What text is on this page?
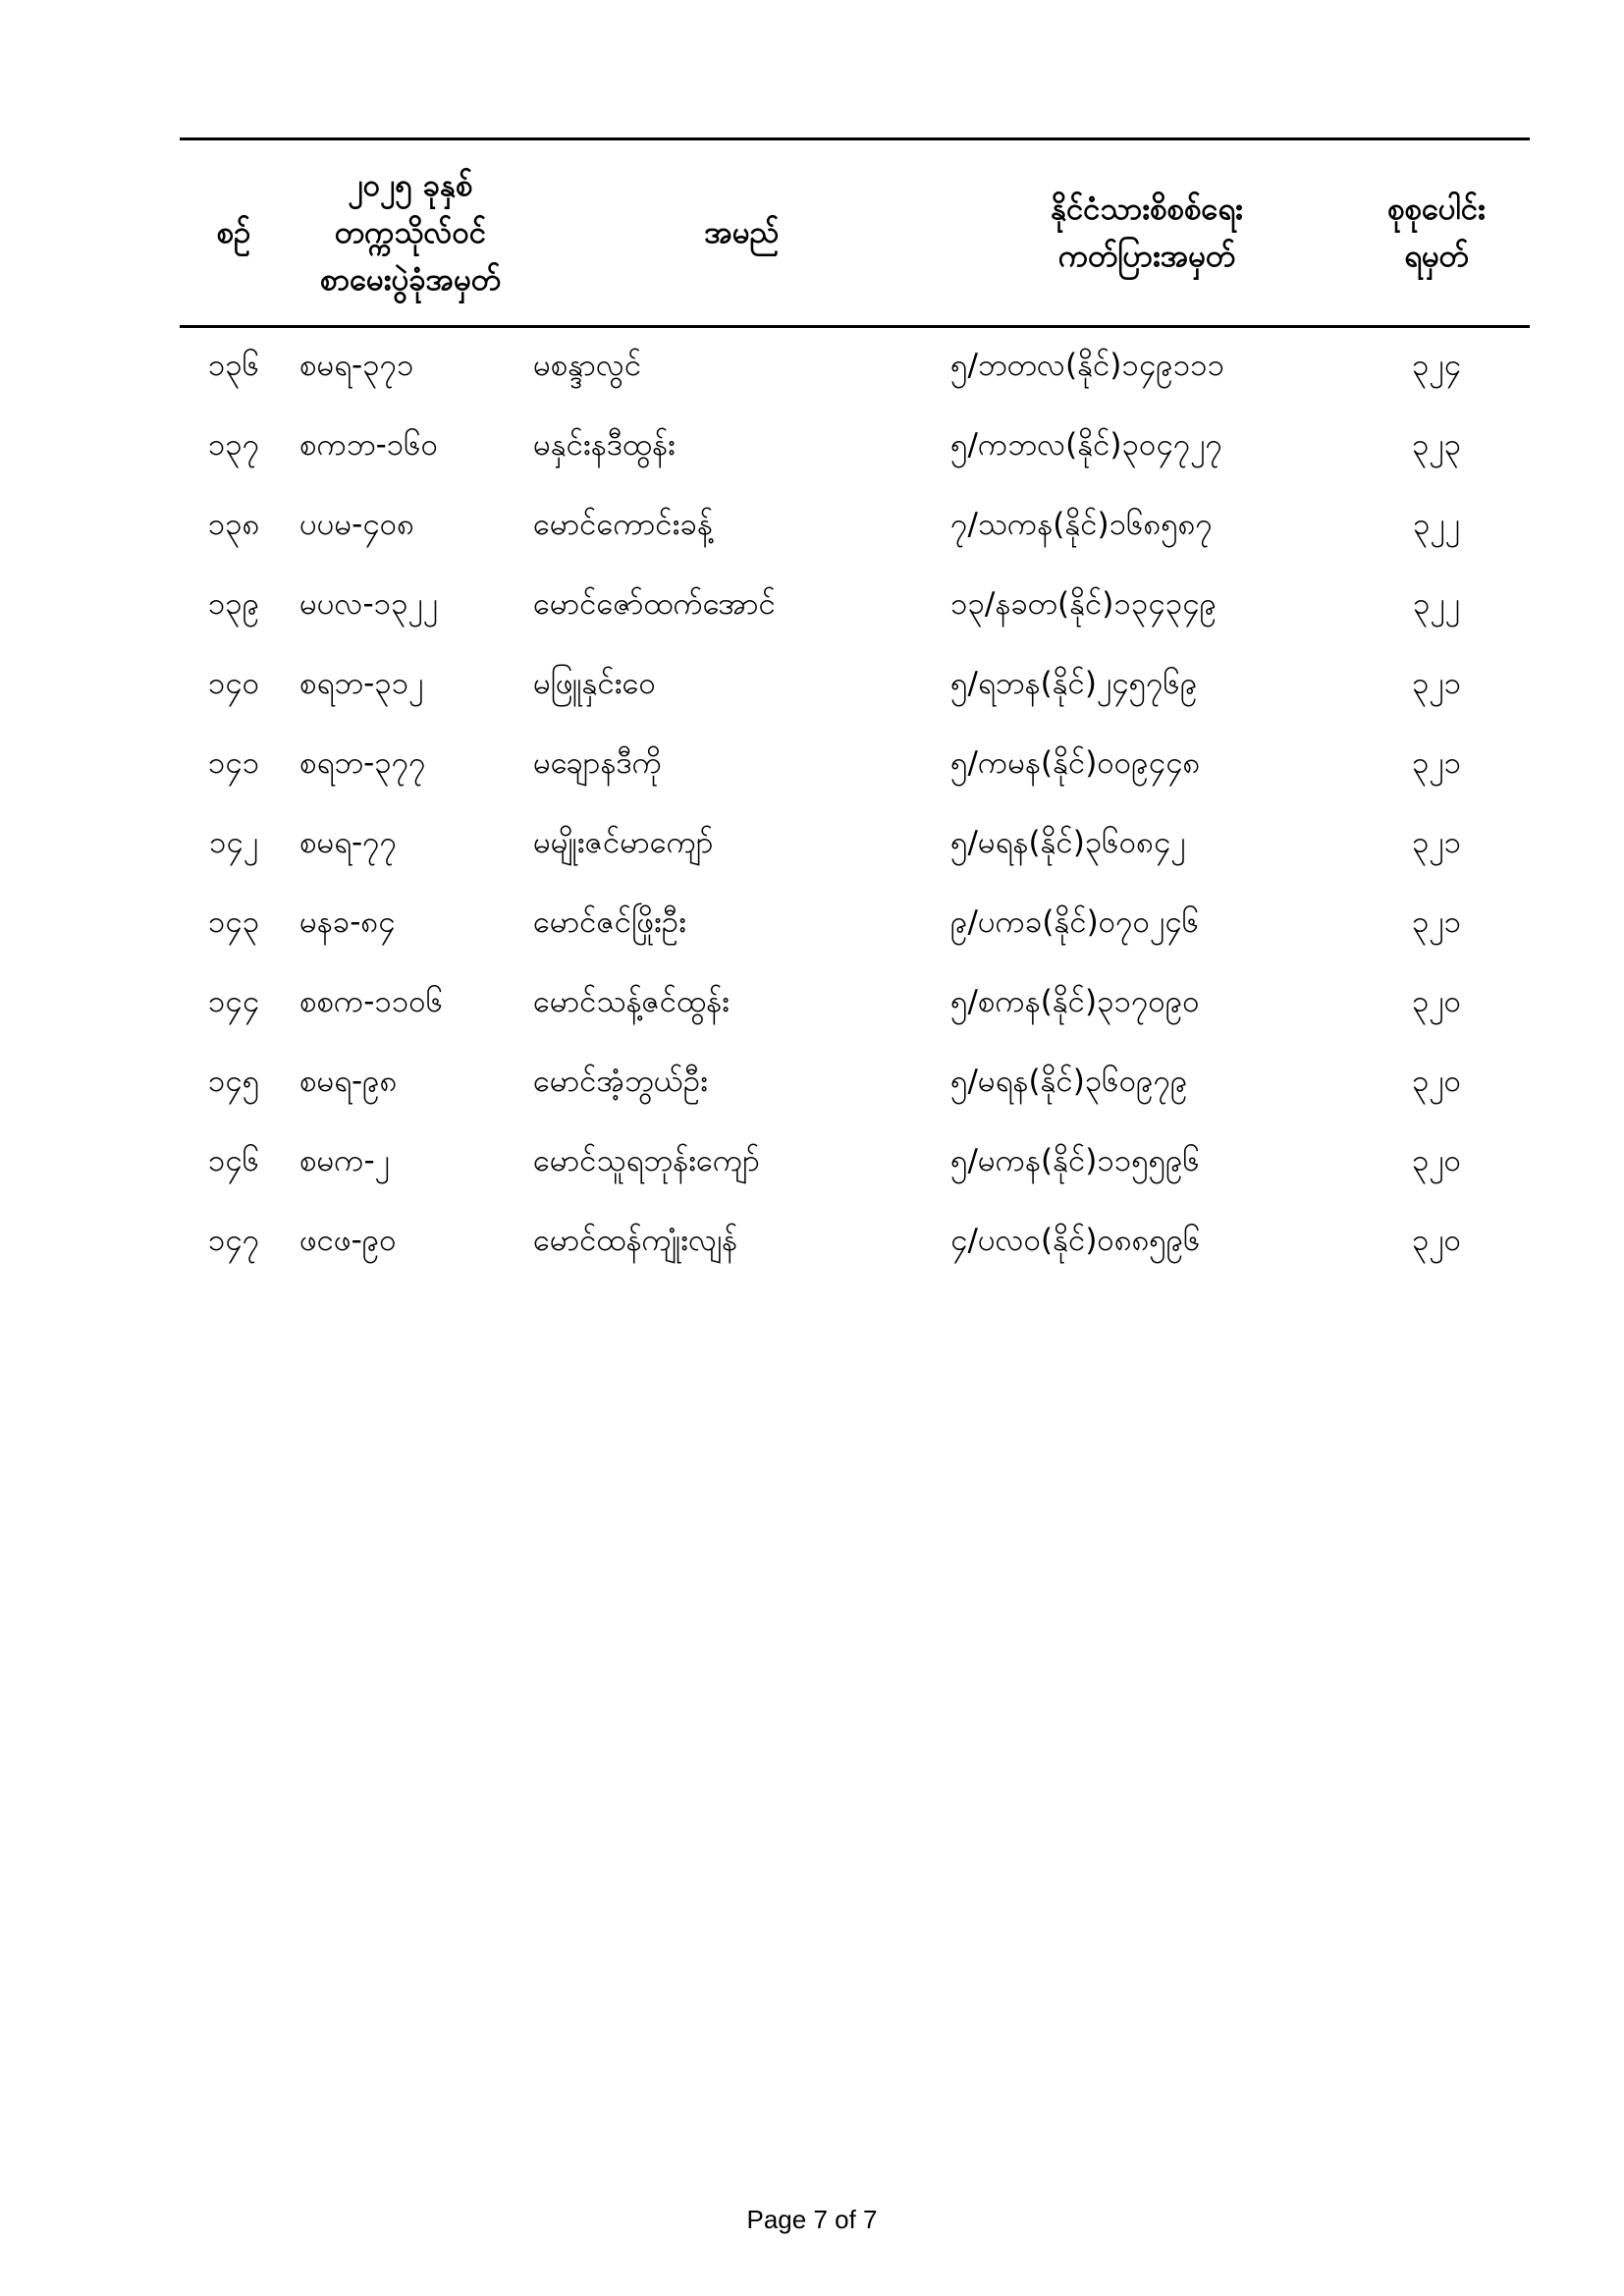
စဉ်	၂၀၂၅ ခုနှစ်
တက္ကသိုလ်ဝင်
စာမေးပွဲခုံအမှတ်	အမည်	နိုင်ငံသားစိစစ်ရေး
ကတ်ပြားအမှတ်	စုစုပေါင်း
ရမှတ်

၁၃၆	စမရ-၃၇၁	မစန္ဒာလွင်	၅/ဘတလ(နိုင်)၁၄၉၁၁၁	၃၂၄
၁၃၇	စကဘ-၁၆၀	မနှင်းနဒီထွန်း	၅/ကဘလ(နိုင်)၃၀၄၇၂၇	၃၂၃
၁၃၈	ပပမ-၄၀၈	မောင်ကောင်းခန့်	၇/သကန(နိုင်)၁၆၈၅၈၇	၃၂၂
၁၃၉	မပလ-၁၃၂၂	မောင်ဇော်ထက်အောင်	၁၃/နခတ(နိုင်)၁၃၄၃၄၉	၃၂၂
၁၄၀	စရဘ-၃၁၂	မဖြူနှင်းဝေ	၅/ရဘန(နိုင်)၂၄၅၇၆၉	၃၂၁
၁၄၁	စရဘ-၃၇၇	မချောနဒီကို	၅/ကမန(နိုင်)၀၀၉၄၄၈	၃၂၁
၁၄၂	စမရ-၇၇	မမျိုးဇင်မာကျော်	၅/မရန(နိုင်)၃၆၀၈၄၂	၃၂၁
၁၄၃	မနခ-၈၄	မောင်ဇင်ဖြိုးဦး	၉/ပကခ(နိုင်)၀၇၀၂၄၆	၃၂၁
၁၄၄	စစက-၁၁၀၆	မောင်သန့်ဇင်ထွန်း	၅/စကန(နိုင်)၃၁၇၀၉၀	၃၂၀
၁၄၅	စမရ-၉၈	မောင်အံ့ဘွယ်ဦး	၅/မရန(နိုင်)၃၆၀၉၇၉	၃၂၀
၁၄၆	စမက-၂	မောင်သူရဘုန်းကျော်	၅/မကန(နိုင်)၁၁၅၅၉၆	၃၂၀
၁၄၇	ဖငဖ-၉၀	မောင်ထန်ကျုံးလျန်	၄/ပလဝ(နိုင်)၀၈၈၅၉၆	၃၂၀
Page 7 of 7
